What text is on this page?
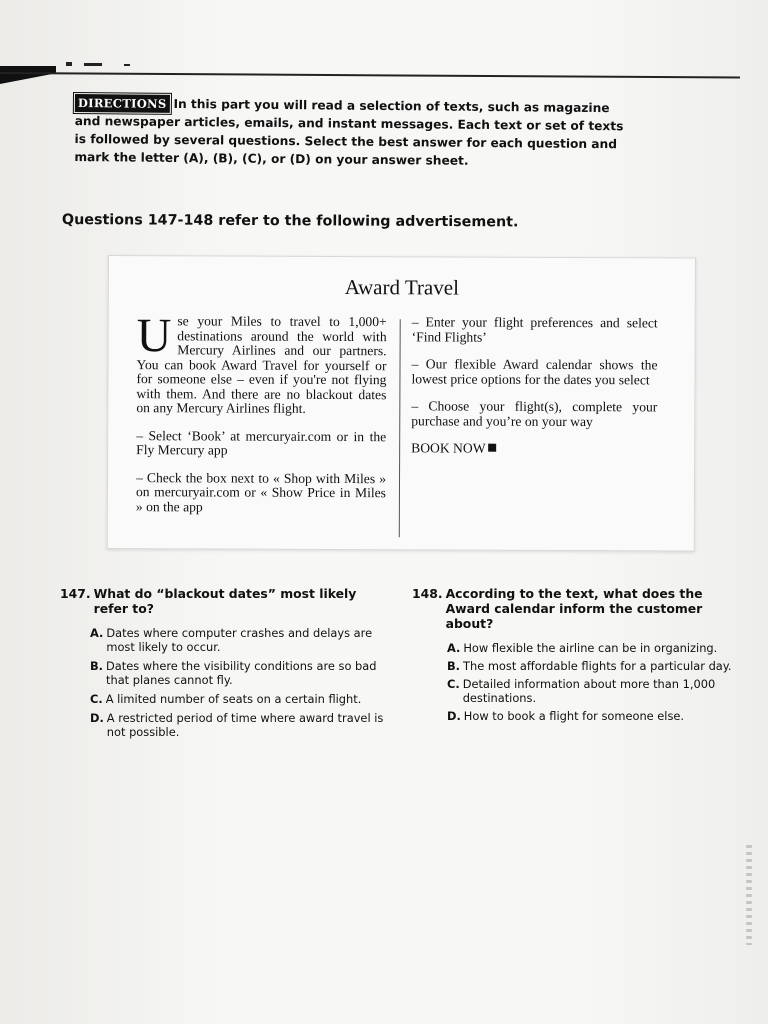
DIRECTIONS In this part you will read a selection of texts, such as magazine and newspaper articles, emails, and instant messages. Each text or set of texts is followed by several questions. Select the best answer for each question and mark the letter (A), (B), (C), or (D) on your answer sheet.
Questions 147-148 refer to the following advertisement.
Award Travel

Use your Miles to travel to 1,000+ destinations around the world with Mercury Airlines and our partners. You can book Award Travel for yourself or for someone else – even if you're not flying with them. And there are no blackout dates on any Mercury Airlines flight.

– Select ‘Book’ at mercuryair.com or in the Fly Mercury app

– Check the box next to « Shop with Miles » on mercuryair.com or « Show Price in Miles » on the app

– Enter your flight preferences and select ‘Find Flights’

– Our flexible Award calendar shows the lowest price options for the dates you select

– Choose your flight(s), complete your purchase and you’re on your way

BOOK NOW
147. What do “blackout dates” most likely refer to?
A. Dates where computer crashes and delays are most likely to occur.
B. Dates where the visibility conditions are so bad that planes cannot fly.
C. A limited number of seats on a certain flight.
D. A restricted period of time where award travel is not possible.
148. According to the text, what does the Award calendar inform the customer about?
A. How flexible the airline can be in organizing.
B. The most affordable flights for a particular day.
C. Detailed information about more than 1,000 destinations.
D. How to book a flight for someone else.
